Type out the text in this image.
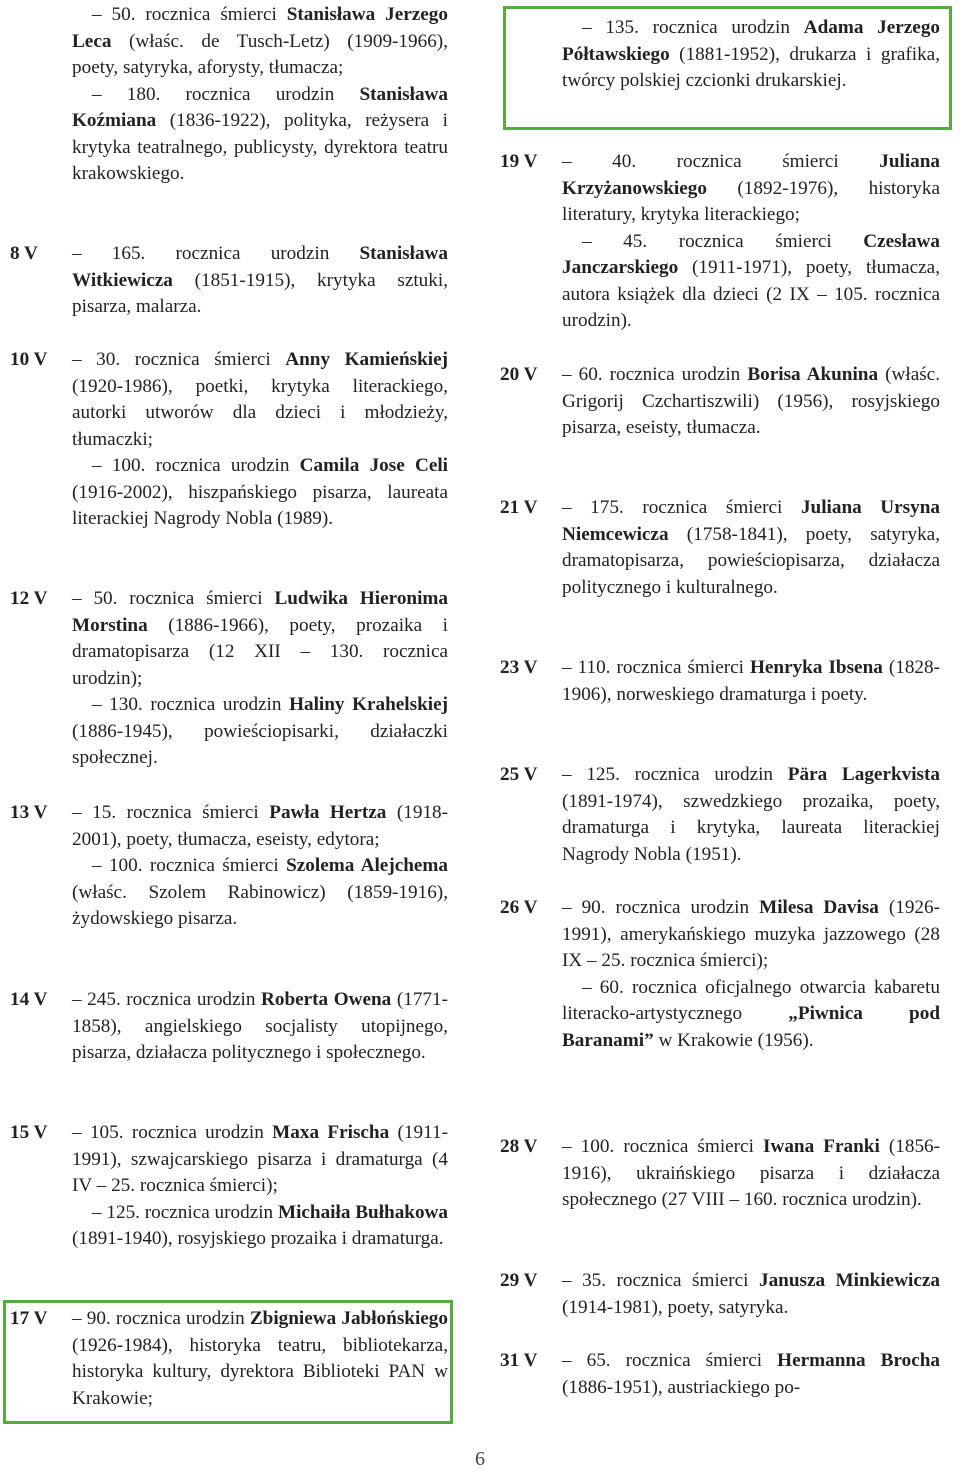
– 50. rocznica śmierci Stanisława Jerzego Leca (właśc. de Tusch-Letz) (1909-1966), poety, satyryka, aforysty, tłumacza;

– 180. rocznica urodzin Stanisława Koźmiana (1836-1922), polityka, reżysera i krytyka teatralnego, publicysty, dyrektora teatru krakowskiego.

8 V – 165. rocznica urodzin Stanisława Witkiewicza (1851-1915), krytyka sztuki, pisarza, malarza.

10 V – 30. rocznica śmierci Anny Kamieńskiej (1920-1986), poetki, krytyka literackiego, autorki utworów dla dzieci i młodzieży, tłumaczki;

– 100. rocznica urodzin Camila Jose Celi (1916-2002), hiszpańskiego pisarza, laureata literackiej Nagrody Nobla (1989).

12 V – 50. rocznica śmierci Ludwika Hieronima Morstina (1886-1966), poety, prozaika i dramatopisarza (12 XII – 130. rocznica urodzin);

– 130. rocznica urodzin Haliny Krahelskiej (1886-1945), powieściopisarki, działaczki społecznej.

13 V – 15. rocznica śmierci Pawła Hertza (1918-2001), poety, tłumacza, eseisty, edytora;

– 100. rocznica śmierci Szolema Alejchema (właśc. Szolem Rabinowicz) (1859-1916), żydowskiego pisarza.

14 V – 245. rocznica urodzin Roberta Owena (1771-1858), angielskiego socjalisty utopijnego, pisarza, działacza politycznego i społecznego.

15 V – 105. rocznica urodzin Maxa Frischa (1911-1991), szwajcarskiego pisarza i dramaturga (4 IV – 25. rocznica śmierci);

– 125. rocznica urodzin Michaiła Bułhakowa (1891-1940), rosyjskiego prozaika i dramaturga.

17 V – 90. rocznica urodzin Zbigniewa Jabłońskiego (1926-1984), historyka teatru, bibliotekarza, historyka kultury, dyrektora Biblioteki PAN w Krakowie;

– 135. rocznica urodzin Adama Jerzego Półtawskiego (1881-1952), drukarza i grafika, twórcy polskiej czcionki drukarskiej.

19 V – 40. rocznica śmierci Juliana Krzyżanowskiego (1892-1976), historyka literatury, krytyka literackiego;

– 45. rocznica śmierci Czesława Janczarskiego (1911-1971), poety, tłumacza, autora książek dla dzieci (2 IX – 105. rocznica urodzin).

20 V – 60. rocznica urodzin Borisa Akunina (właśc. Grigorij Czchartiszwili) (1956), rosyjskiego pisarza, eseisty, tłumacza.

21 V – 175. rocznica śmierci Juliana Ursyna Niemcewicza (1758-1841), poety, satyryka, dramatopisarza, powieściopisarza, działacza politycznego i kulturalnego.

23 V – 110. rocznica śmierci Henryka Ibsena (1828-1906), norweskiego dramaturga i poety.

25 V – 125. rocznica urodzin Pära Lagerkvista (1891-1974), szwedzkiego prozaika, poety, dramaturga i krytyka, laureata literackiej Nagrody Nobla (1951).

26 V – 90. rocznica urodzin Milesa Davisa (1926-1991), amerykańskiego muzyka jazzowego (28 IX – 25. rocznica śmierci);

– 60. rocznica oficjalnego otwarcia kabaretu literacko-artystycznego „Piwnica pod Baranami” w Krakowie (1956).

28 V – 100. rocznica śmierci Iwana Franki (1856-1916), ukraińskiego pisarza i działacza społecznego (27 VIII – 160. rocznica urodzin).

29 V – 35. rocznica śmierci Janusza Minkiewicza (1914-1981), poety, satyryka.

31 V – 65. rocznica śmierci Hermanna Brocha (1886-1951), austriackiego po-

6
